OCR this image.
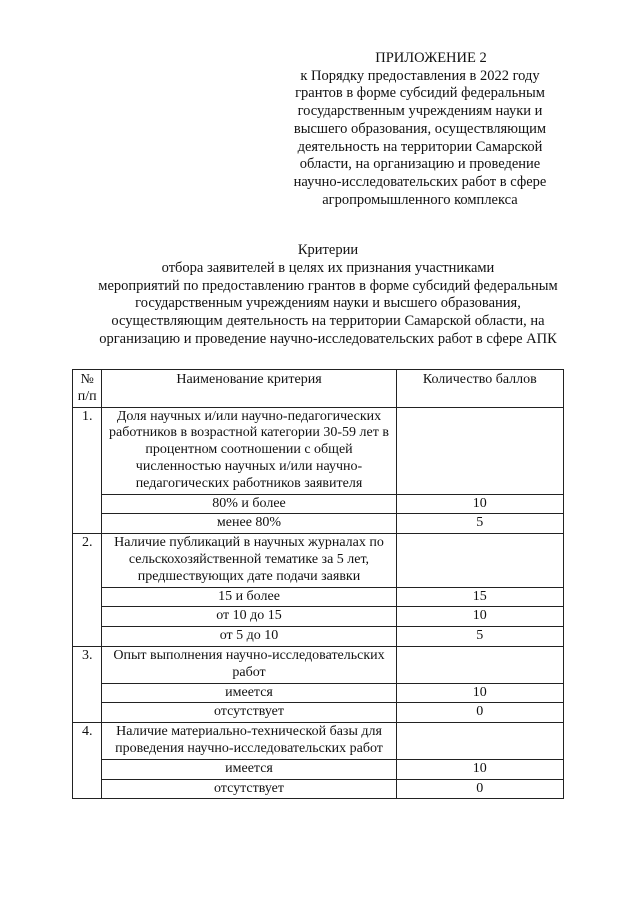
ПРИЛОЖЕНИЕ 2
к Порядку предоставления в 2022 году
грантов в форме субсидий федеральным
государственным учреждениям науки и
высшего образования, осуществляющим
деятельность на территории Самарской
области, на организацию и проведение
научно-исследовательских работ в сфере
агропромышленного комплекса
Критерии
отбора заявителей в целях их признания участниками
мероприятий по предоставлению грантов в форме субсидий федеральным
государственным учреждениям науки и высшего образования,
осуществляющим деятельность на территории Самарской области, на
организацию и проведение научно-исследовательских работ в сфере АПК
№ п/п	Наименование критерия	Количество баллов
1.	Доля научных и/или научно-педагогических работников в возрастной категории 30-59 лет в процентном соотношении с общей численностью научных и/или научно-педагогических работников заявителя	
	80% и более	10
	менее 80%	5
2.	Наличие публикаций в научных журналах по сельскохозяйственной тематике за 5 лет, предшествующих дате подачи заявки	
	15 и более	15
	от 10 до 15	10
	от 5 до 10	5
3.	Опыт выполнения научно-исследовательских работ	
	имеется	10
	отсутствует	0
4.	Наличие материально-технической базы для проведения научно-исследовательских работ	
	имеется	10
	отсутствует	0
